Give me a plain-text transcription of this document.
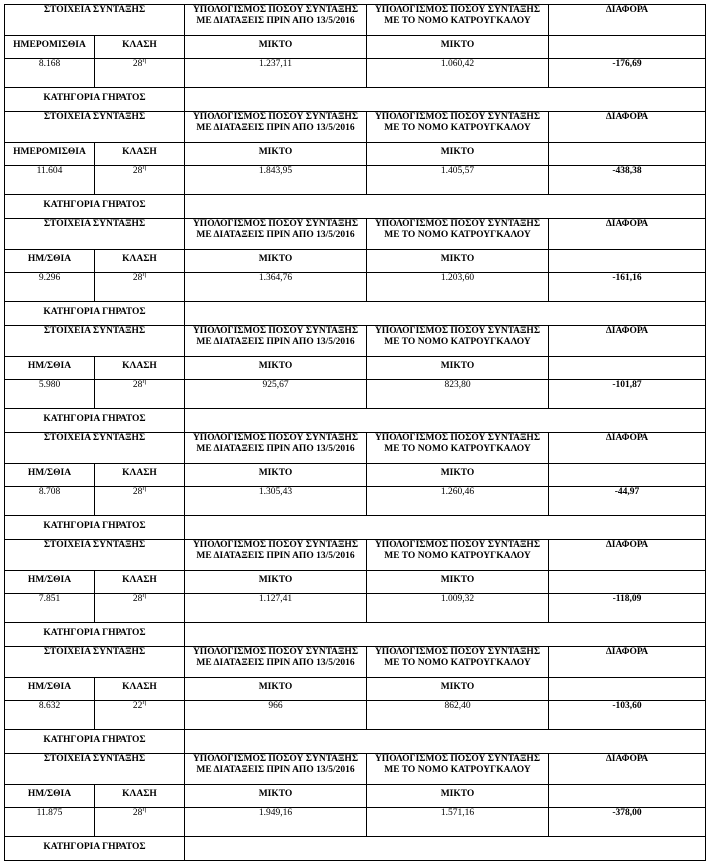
ΣΤΟΙΧΕΙΑ ΣΥΝΤΑΞΗΣ		ΥΠΟΛΟΓΙΣΜΟΣ ΠΟΣΟΥ ΣΥΝΤΑΞΗΣ ΜΕ ΔΙΑΤΑΞΕΙΣ ΠΡΙΝ ΑΠΟ 13/5/2016	ΥΠΟΛΟΓΙΣΜΟΣ ΠΟΣΟΥ ΣΥΝΤΑΞΗΣ ΜΕ ΤΟ ΝΟΜΟ ΚΑΤΡΟΥΓΚΑΛΟΥ	ΔΙΑΦΟΡΑ
ΗΜΕΡΟΜΙΣΘΙΑ	ΚΛΑΣΗ	ΜΙΚΤΟ	ΜΙΚΤΟ	
8.168	$28^\eta$	1.237,11	1.060,42	-176,69
ΚΑΤΗΓΟΡΙΑ ΓΗΡΑΤΟΣ				
ΣΤΟΙΧΕΙΑ ΣΥΝΤΑΞΗΣ		ΥΠΟΛΟΓΙΣΜΟΣ ΠΟΣΟΥ ΣΥΝΤΑΞΗΣ ΜΕ ΔΙΑΤΑΞΕΙΣ ΠΡΙΝ ΑΠΟ 13/5/2016	ΥΠΟΛΟΓΙΣΜΟΣ ΠΟΣΟΥ ΣΥΝΤΑΞΗΣ ΜΕ ΤΟ ΝΟΜΟ ΚΑΤΡΟΥΓΚΑΛΟΥ	ΔΙΑΦΟΡΑ
ΗΜΕΡΟΜΙΣΘΙΑ	ΚΛΑΣΗ	ΜΙΚΤΟ	ΜΙΚΤΟ	
11.604	$28^\eta$	1.843,95	1.405,57	-438,38
ΚΑΤΗΓΟΡΙΑ ΓΗΡΑΤΟΣ				
ΣΤΟΙΧΕΙΑ ΣΥΝΤΑΞΗΣ		ΥΠΟΛΟΓΙΣΜΟΣ ΠΟΣΟΥ ΣΥΝΤΑΞΗΣ ΜΕ ΔΙΑΤΑΞΕΙΣ ΠΡΙΝ ΑΠΟ 13/5/2016	ΥΠΟΛΟΓΙΣΜΟΣ ΠΟΣΟΥ ΣΥΝΤΑΞΗΣ ΜΕ ΤΟ ΝΟΜΟ ΚΑΤΡΟΥΓΚΑΛΟΥ	ΔΙΑΦΟΡΑ
ΗΜ/ΣΘΙΑ	ΚΛΑΣΗ	ΜΙΚΤΟ	ΜΙΚΤΟ	
9.296	$28^\eta$	1.364,76	1.203,60	-161,16
ΚΑΤΗΓΟΡΙΑ ΓΗΡΑΤΟΣ				
ΣΤΟΙΧΕΙΑ ΣΥΝΤΑΞΗΣ		ΥΠΟΛΟΓΙΣΜΟΣ ΠΟΣΟΥ ΣΥΝΤΑΞΗΣ ΜΕ ΔΙΑΤΑΞΕΙΣ ΠΡΙΝ ΑΠΟ 13/5/2016	ΥΠΟΛΟΓΙΣΜΟΣ ΠΟΣΟΥ ΣΥΝΤΑΞΗΣ ΜΕ ΤΟ ΝΟΜΟ ΚΑΤΡΟΥΓΚΑΛΟΥ	ΔΙΑΦΟΡΑ
ΗΜ/ΣΘΙΑ	ΚΛΑΣΗ	ΜΙΚΤΟ	ΜΙΚΤΟ	
5.980	$28^\eta$	925,67	823,80	-101,87
ΚΑΤΗΓΟΡΙΑ ΓΗΡΑΤΟΣ				
ΣΤΟΙΧΕΙΑ ΣΥΝΤΑΞΗΣ		ΥΠΟΛΟΓΙΣΜΟΣ ΠΟΣΟΥ ΣΥΝΤΑΞΗΣ ΜΕ ΔΙΑΤΑΞΕΙΣ ΠΡΙΝ ΑΠΟ 13/5/2016	ΥΠΟΛΟΓΙΣΜΟΣ ΠΟΣΟΥ ΣΥΝΤΑΞΗΣ ΜΕ ΤΟ ΝΟΜΟ ΚΑΤΡΟΥΓΚΑΛΟΥ	ΔΙΑΦΟΡΑ
ΗΜ/ΣΘΙΑ	ΚΛΑΣΗ	ΜΙΚΤΟ	ΜΙΚΤΟ	
8.708	$28^\eta$	1.305,43	1.260,46	-44,97
ΚΑΤΗΓΟΡΙΑ ΓΗΡΑΤΟΣ				
ΣΤΟΙΧΕΙΑ ΣΥΝΤΑΞΗΣ		ΥΠΟΛΟΓΙΣΜΟΣ ΠΟΣΟΥ ΣΥΝΤΑΞΗΣ ΜΕ ΔΙΑΤΑΞΕΙΣ ΠΡΙΝ ΑΠΟ 13/5/2016	ΥΠΟΛΟΓΙΣΜΟΣ ΠΟΣΟΥ ΣΥΝΤΑΞΗΣ ΜΕ ΤΟ ΝΟΜΟ ΚΑΤΡΟΥΓΚΑΛΟΥ	ΔΙΑΦΟΡΑ
ΗΜ/ΣΘΙΑ	ΚΛΑΣΗ	ΜΙΚΤΟ	ΜΙΚΤΟ	
7.851	$28^\eta$	1.127,41	1.009,32	-118,09
ΚΑΤΗΓΟΡΙΑ ΓΗΡΑΤΟΣ				
ΣΤΟΙΧΕΙΑ ΣΥΝΤΑΞΗΣ		ΥΠΟΛΟΓΙΣΜΟΣ ΠΟΣΟΥ ΣΥΝΤΑΞΗΣ ΜΕ ΔΙΑΤΑΞΕΙΣ ΠΡΙΝ ΑΠΟ 13/5/2016	ΥΠΟΛΟΓΙΣΜΟΣ ΠΟΣΟΥ ΣΥΝΤΑΞΗΣ ΜΕ ΤΟ ΝΟΜΟ ΚΑΤΡΟΥΓΚΑΛΟΥ	ΔΙΑΦΟΡΑ
ΗΜ/ΣΘΙΑ	ΚΛΑΣΗ	ΜΙΚΤΟ	ΜΙΚΤΟ	
8.632	$22^\eta$	966	862,40	-103,60
ΚΑΤΗΓΟΡΙΑ ΓΗΡΑΤΟΣ				
ΣΤΟΙΧΕΙΑ ΣΥΝΤΑΞΗΣ		ΥΠΟΛΟΓΙΣΜΟΣ ΠΟΣΟΥ ΣΥΝΤΑΞΗΣ ΜΕ ΔΙΑΤΑΞΕΙΣ ΠΡΙΝ ΑΠΟ 13/5/2016	ΥΠΟΛΟΓΙΣΜΟΣ ΠΟΣΟΥ ΣΥΝΤΑΞΗΣ ΜΕ ΤΟ ΝΟΜΟ ΚΑΤΡΟΥΓΚΑΛΟΥ	ΔΙΑΦΟΡΑ
ΗΜ/ΣΘΙΑ	ΚΛΑΣΗ	ΜΙΚΤΟ	ΜΙΚΤΟ	
11.875	$28^\eta$	1.949,16	1.571,16	-378,00
ΚΑΤΗΓΟΡΙΑ ΓΗΡΑΤΟΣ				
